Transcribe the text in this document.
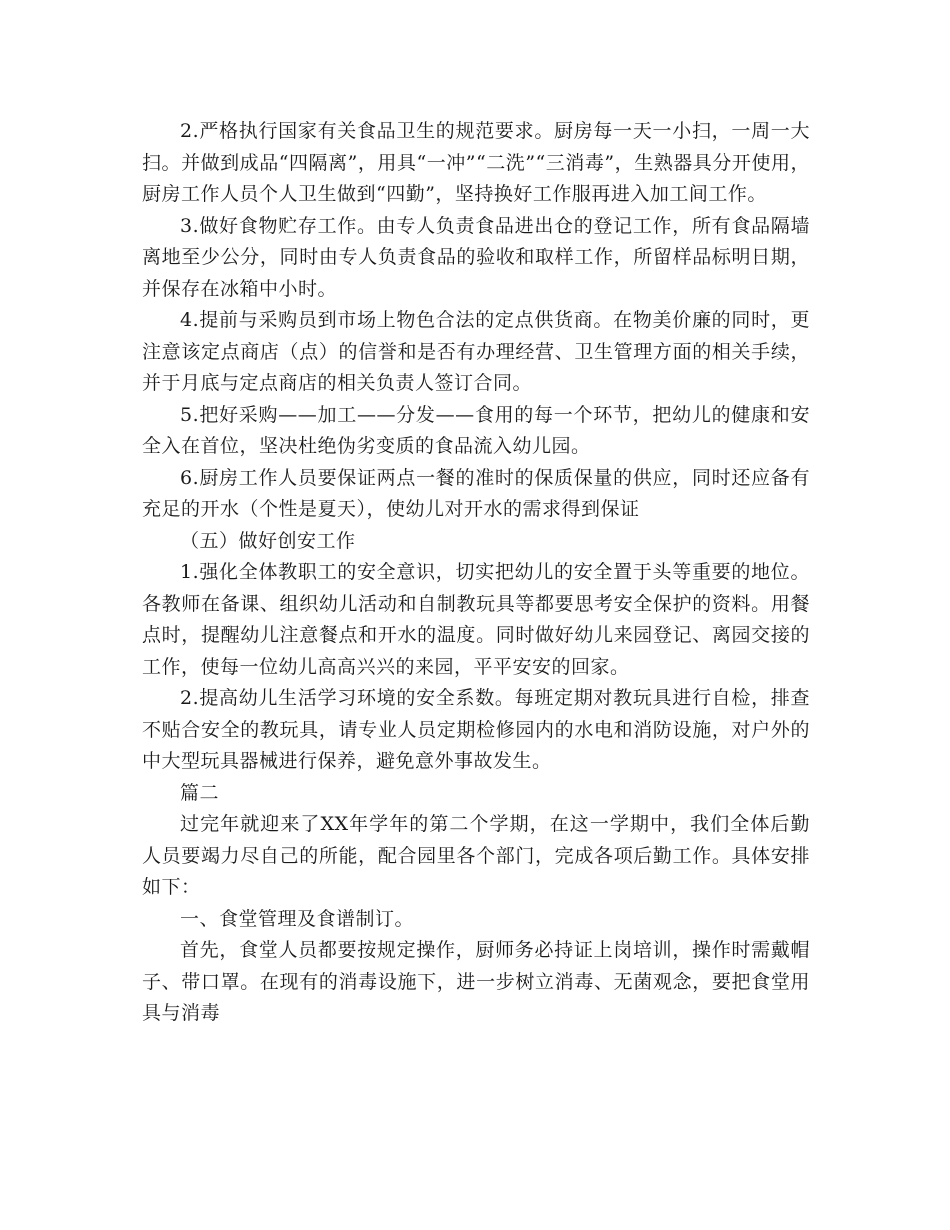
2.严格执行国家有关食品卫生的规范要求。厨房每一天一小扫，一周一大扫。并做到成品“四隔离”，用具“一冲”“二洗”“三消毒”，生熟器具分开使用，厨房工作人员个人卫生做到“四勤”，坚持换好工作服再进入加工间工作。

3.做好食物贮存工作。由专人负责食品进出仓的登记工作，所有食品隔墙离地至少公分，同时由专人负责食品的验收和取样工作，所留样品标明日期，并保存在冰箱中小时。

4.提前与采购员到市场上物色合法的定点供货商。在物美价廉的同时，更注意该定点商店（点）的信誉和是否有办理经营、卫生管理方面的相关手续，并于月底与定点商店的相关负责人签订合同。

5.把好采购——加工——分发——食用的每一个环节，把幼儿的健康和安全入在首位，坚决杜绝伪劣变质的食品流入幼儿园。

6.厨房工作人员要保证两点一餐的准时的保质保量的供应，同时还应备有充足的开水（个性是夏天），使幼儿对开水的需求得到保证

（五）做好创安工作

1.强化全体教职工的安全意识，切实把幼儿的安全置于头等重要的地位。各教师在备课、组织幼儿活动和自制教玩具等都要思考安全保护的资料。用餐点时，提醒幼儿注意餐点和开水的温度。同时做好幼儿来园登记、离园交接的工作，使每一位幼儿高高兴兴的来园，平平安安的回家。

2.提高幼儿生活学习环境的安全系数。每班定期对教玩具进行自检，排查不贴合安全的教玩具，请专业人员定期检修园内的水电和消防设施，对户外的中大型玩具器械进行保养，避免意外事故发生。

篇二

过完年就迎来了XX年学年的第二个学期，在这一学期中，我们全体后勤人员要竭力尽自己的所能，配合园里各个部门，完成各项后勤工作。具体安排如下：

一、食堂管理及食谱制订。

首先，食堂人员都要按规定操作，厨师务必持证上岗培训，操作时需戴帽子、带口罩。在现有的消毒设施下，进一步树立消毒、无菌观念，要把食堂用具与消毒
